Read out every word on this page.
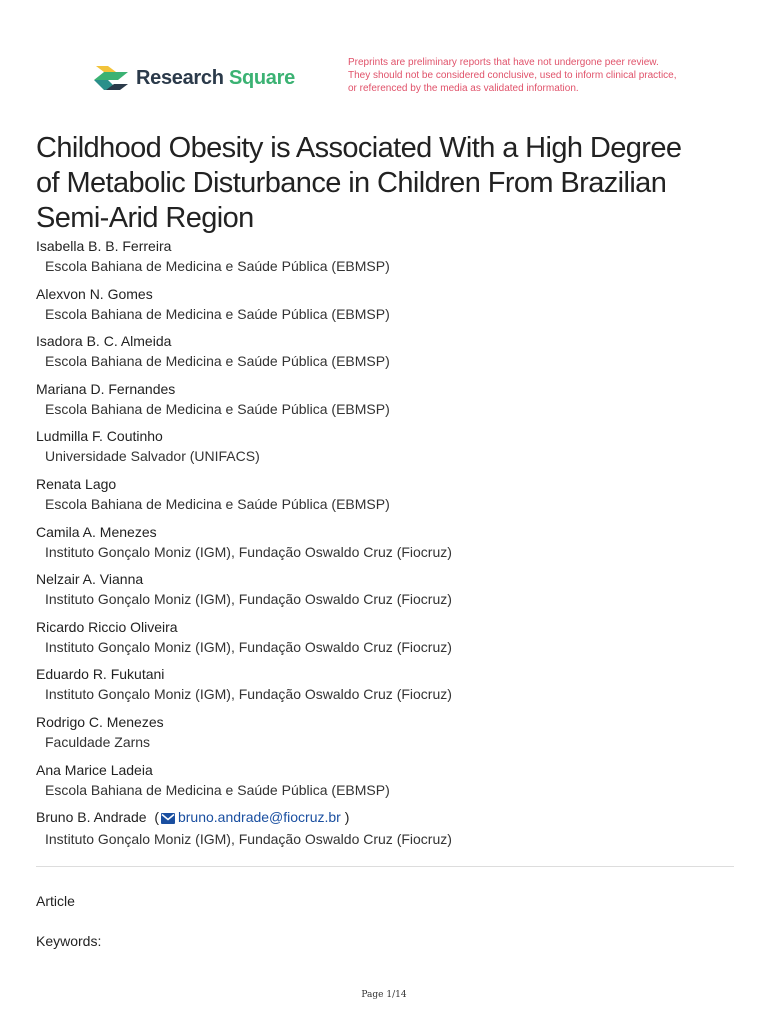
Research Square
Preprints are preliminary reports that have not undergone peer review.
They should not be considered conclusive, used to inform clinical practice,
or referenced by the media as validated information.
Childhood Obesity is Associated With a High Degree
of Metabolic Disturbance in Children From Brazilian
Semi-Arid Region
Isabella B. B. Ferreira
Escola Bahiana de Medicina e Saúde Pública (EBMSP)
Alexvon N. Gomes
Escola Bahiana de Medicina e Saúde Pública (EBMSP)
Isadora B. C. Almeida
Escola Bahiana de Medicina e Saúde Pública (EBMSP)
Mariana D. Fernandes
Escola Bahiana de Medicina e Saúde Pública (EBMSP)
Ludmilla F. Coutinho
Universidade Salvador (UNIFACS)
Renata Lago
Escola Bahiana de Medicina e Saúde Pública (EBMSP)
Camila A. Menezes
Instituto Gonçalo Moniz (IGM), Fundação Oswaldo Cruz (Fiocruz)
Nelzair A. Vianna
Instituto Gonçalo Moniz (IGM), Fundação Oswaldo Cruz (Fiocruz)
Ricardo Riccio Oliveira
Instituto Gonçalo Moniz (IGM), Fundação Oswaldo Cruz (Fiocruz)
Eduardo R. Fukutani
Instituto Gonçalo Moniz (IGM), Fundação Oswaldo Cruz (Fiocruz)
Rodrigo C. Menezes
Faculdade Zarns
Ana Marice Ladeia
Escola Bahiana de Medicina e Saúde Pública (EBMSP)
Bruno B. Andrade ( bruno.andrade@fiocruz.br )
Instituto Gonçalo Moniz (IGM), Fundação Oswaldo Cruz (Fiocruz)
Article
Keywords:
Page 1/14
